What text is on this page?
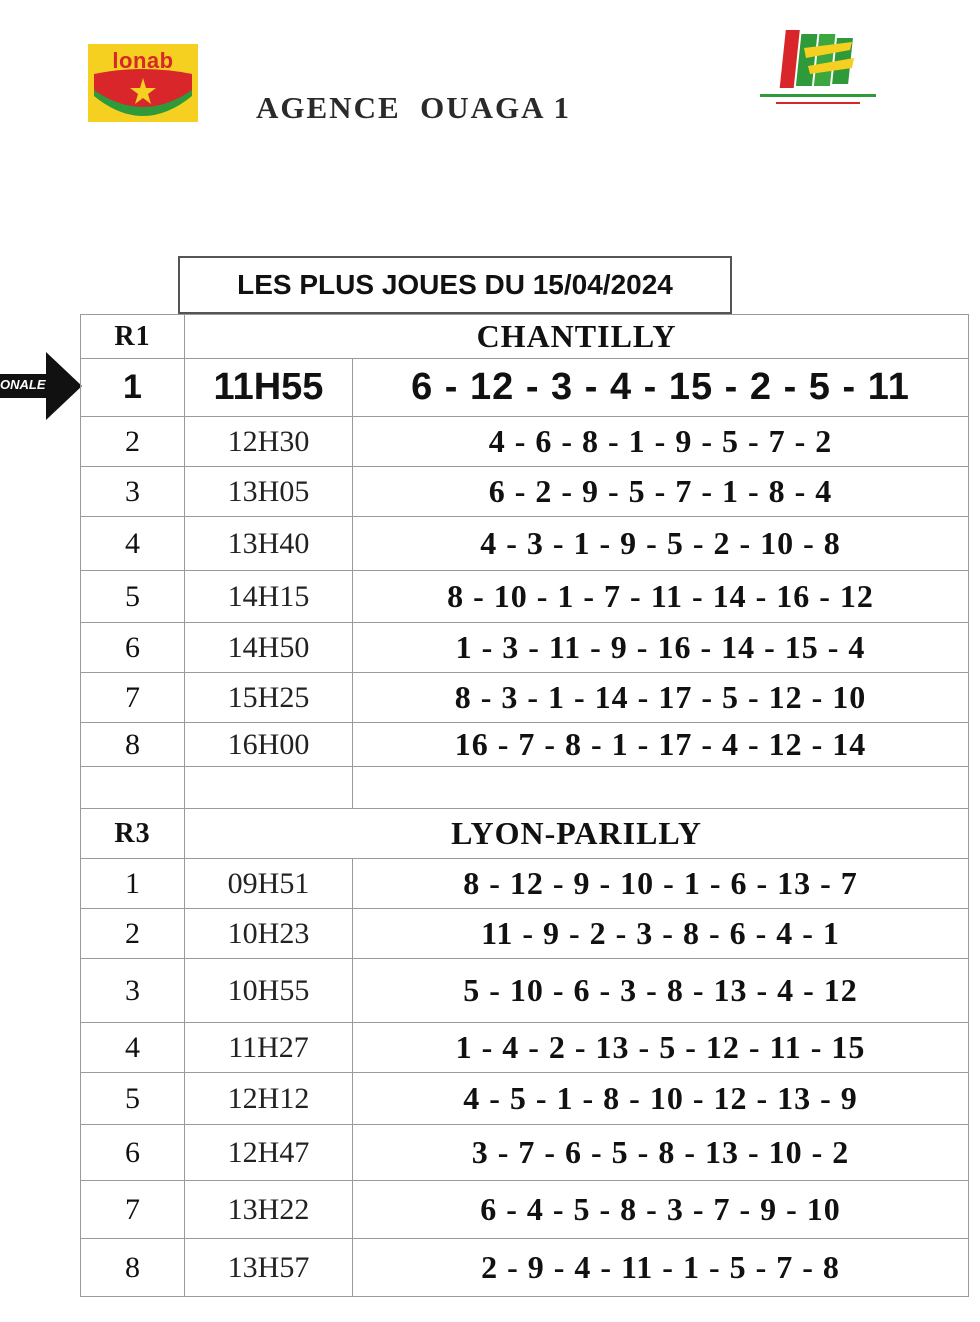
lonab
AGENCE  OUAGA 1
LES PLUS JOUES DU 15/04/2024
ONALE
R1	CHANTILLY	
1	11H55	6 - 12 - 3 - 4 - 15 - 2 - 5 - 11
2	12H30	4 - 6 - 8 - 1 - 9 - 5 - 7 - 2
3	13H05	6 - 2 - 9 - 5 - 7 - 1 - 8 - 4
4	13H40	4 - 3 - 1 - 9 - 5 - 2 - 10 - 8
5	14H15	8 - 10 - 1 - 7 - 11 - 14 - 16 - 12
6	14H50	1 - 3 - 11 - 9 - 16 - 14 - 15 - 4
7	15H25	8 - 3 - 1 - 14 - 17 - 5 - 12 - 10
8	16H00	16 - 7 - 8 - 1 - 17 - 4 - 12 - 14

R3	LYON-PARILLY	
1	09H51	8 - 12 - 9 - 10 - 1 - 6 - 13 - 7
2	10H23	11 - 9 - 2 - 3 - 8 - 6 - 4 - 1
3	10H55	5 - 10 - 6 - 3 - 8 - 13 - 4 - 12
4	11H27	1 - 4 - 2 - 13 - 5 - 12 - 11 - 15
5	12H12	4 - 5 - 1 - 8 - 10 - 12 - 13 - 9
6	12H47	3 - 7 - 6 - 5 - 8 - 13 - 10 - 2
7	13H22	6 - 4 - 5 - 8 - 3 - 7 - 9 - 10
8	13H57	2 - 9 - 4 - 11 - 1 - 5 - 7 - 8
